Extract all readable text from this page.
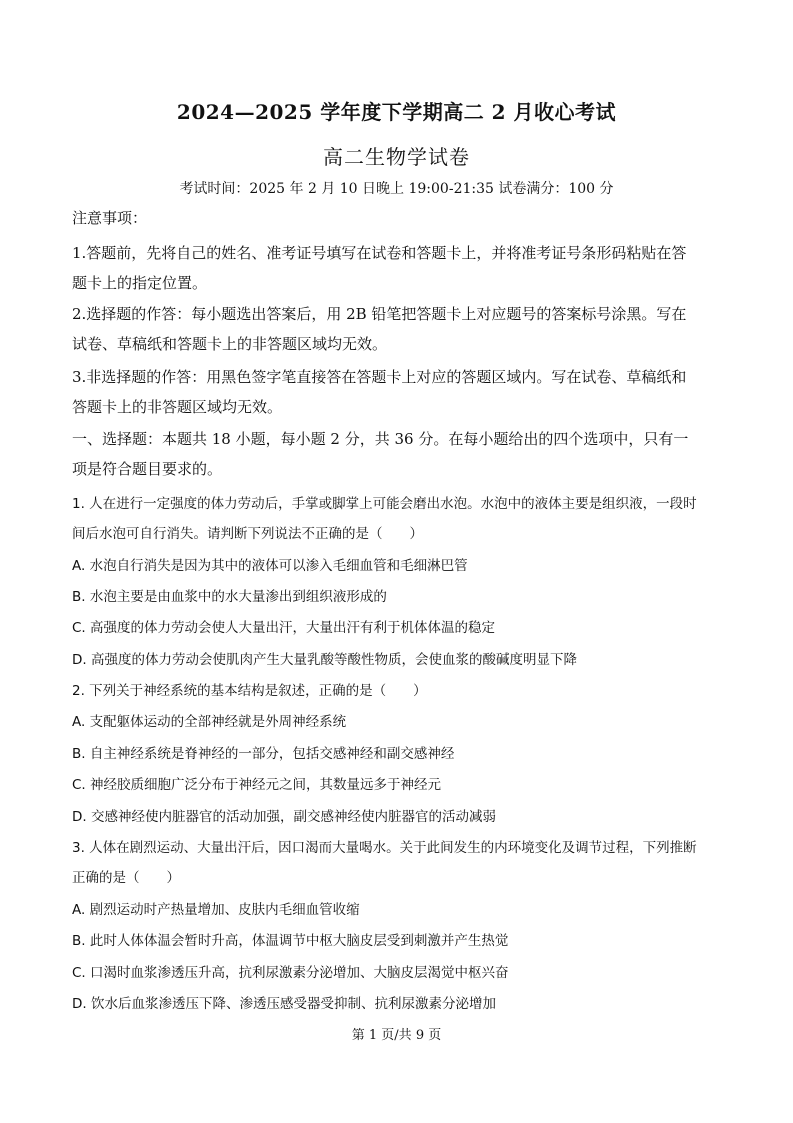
2024—2025 学年度下学期高二 2 月收心考试
高二生物学试卷
考试时间：2025 年 2 月 10 日晚上 19:00-21:35 试卷满分：100 分
注意事项：
1.答题前，先将自己的姓名、准考证号填写在试卷和答题卡上，并将准考证号条形码粘贴在答
题卡上的指定位置。
2.选择题的作答：每小题选出答案后，用 2B 铅笔把答题卡上对应题号的答案标号涂黑。写在
试卷、草稿纸和答题卡上的非答题区域均无效。
3.非选择题的作答：用黑色签字笔直接答在答题卡上对应的答题区域内。写在试卷、草稿纸和
答题卡上的非答题区域均无效。
一、选择题：本题共 18 小题，每小题 2 分，共 36 分。在每小题给出的四个选项中，只有一
项是符合题目要求的。
1. 人在进行一定强度的体力劳动后，手掌或脚掌上可能会磨出水泡。水泡中的液体主要是组织液，一段时
间后水泡可自行消失。请判断下列说法不正确的是（　　）
A. 水泡自行消失是因为其中的液体可以渗入毛细血管和毛细淋巴管
B. 水泡主要是由血浆中的水大量渗出到组织液形成的
C. 高强度的体力劳动会使人大量出汗，大量出汗有利于机体体温的稳定
D. 高强度的体力劳动会使肌肉产生大量乳酸等酸性物质，会使血浆的酸碱度明显下降
2. 下列关于神经系统的基本结构是叙述，正确的是（　　）
A. 支配躯体运动的全部神经就是外周神经系统
B. 自主神经系统是脊神经的一部分，包括交感神经和副交感神经
C. 神经胶质细胞广泛分布于神经元之间，其数量远多于神经元
D. 交感神经使内脏器官的活动加强，副交感神经使内脏器官的活动减弱
3. 人体在剧烈运动、大量出汗后，因口渴而大量喝水。关于此间发生的内环境变化及调节过程，下列推断
正确的是（　　）
A. 剧烈运动时产热量增加、皮肤内毛细血管收缩
B. 此时人体体温会暂时升高，体温调节中枢大脑皮层受到刺激并产生热觉
C. 口渴时血浆渗透压升高，抗利尿激素分泌增加、大脑皮层渴觉中枢兴奋
D. 饮水后血浆渗透压下降、渗透压感受器受抑制、抗利尿激素分泌增加
第 1 页/共 9 页
